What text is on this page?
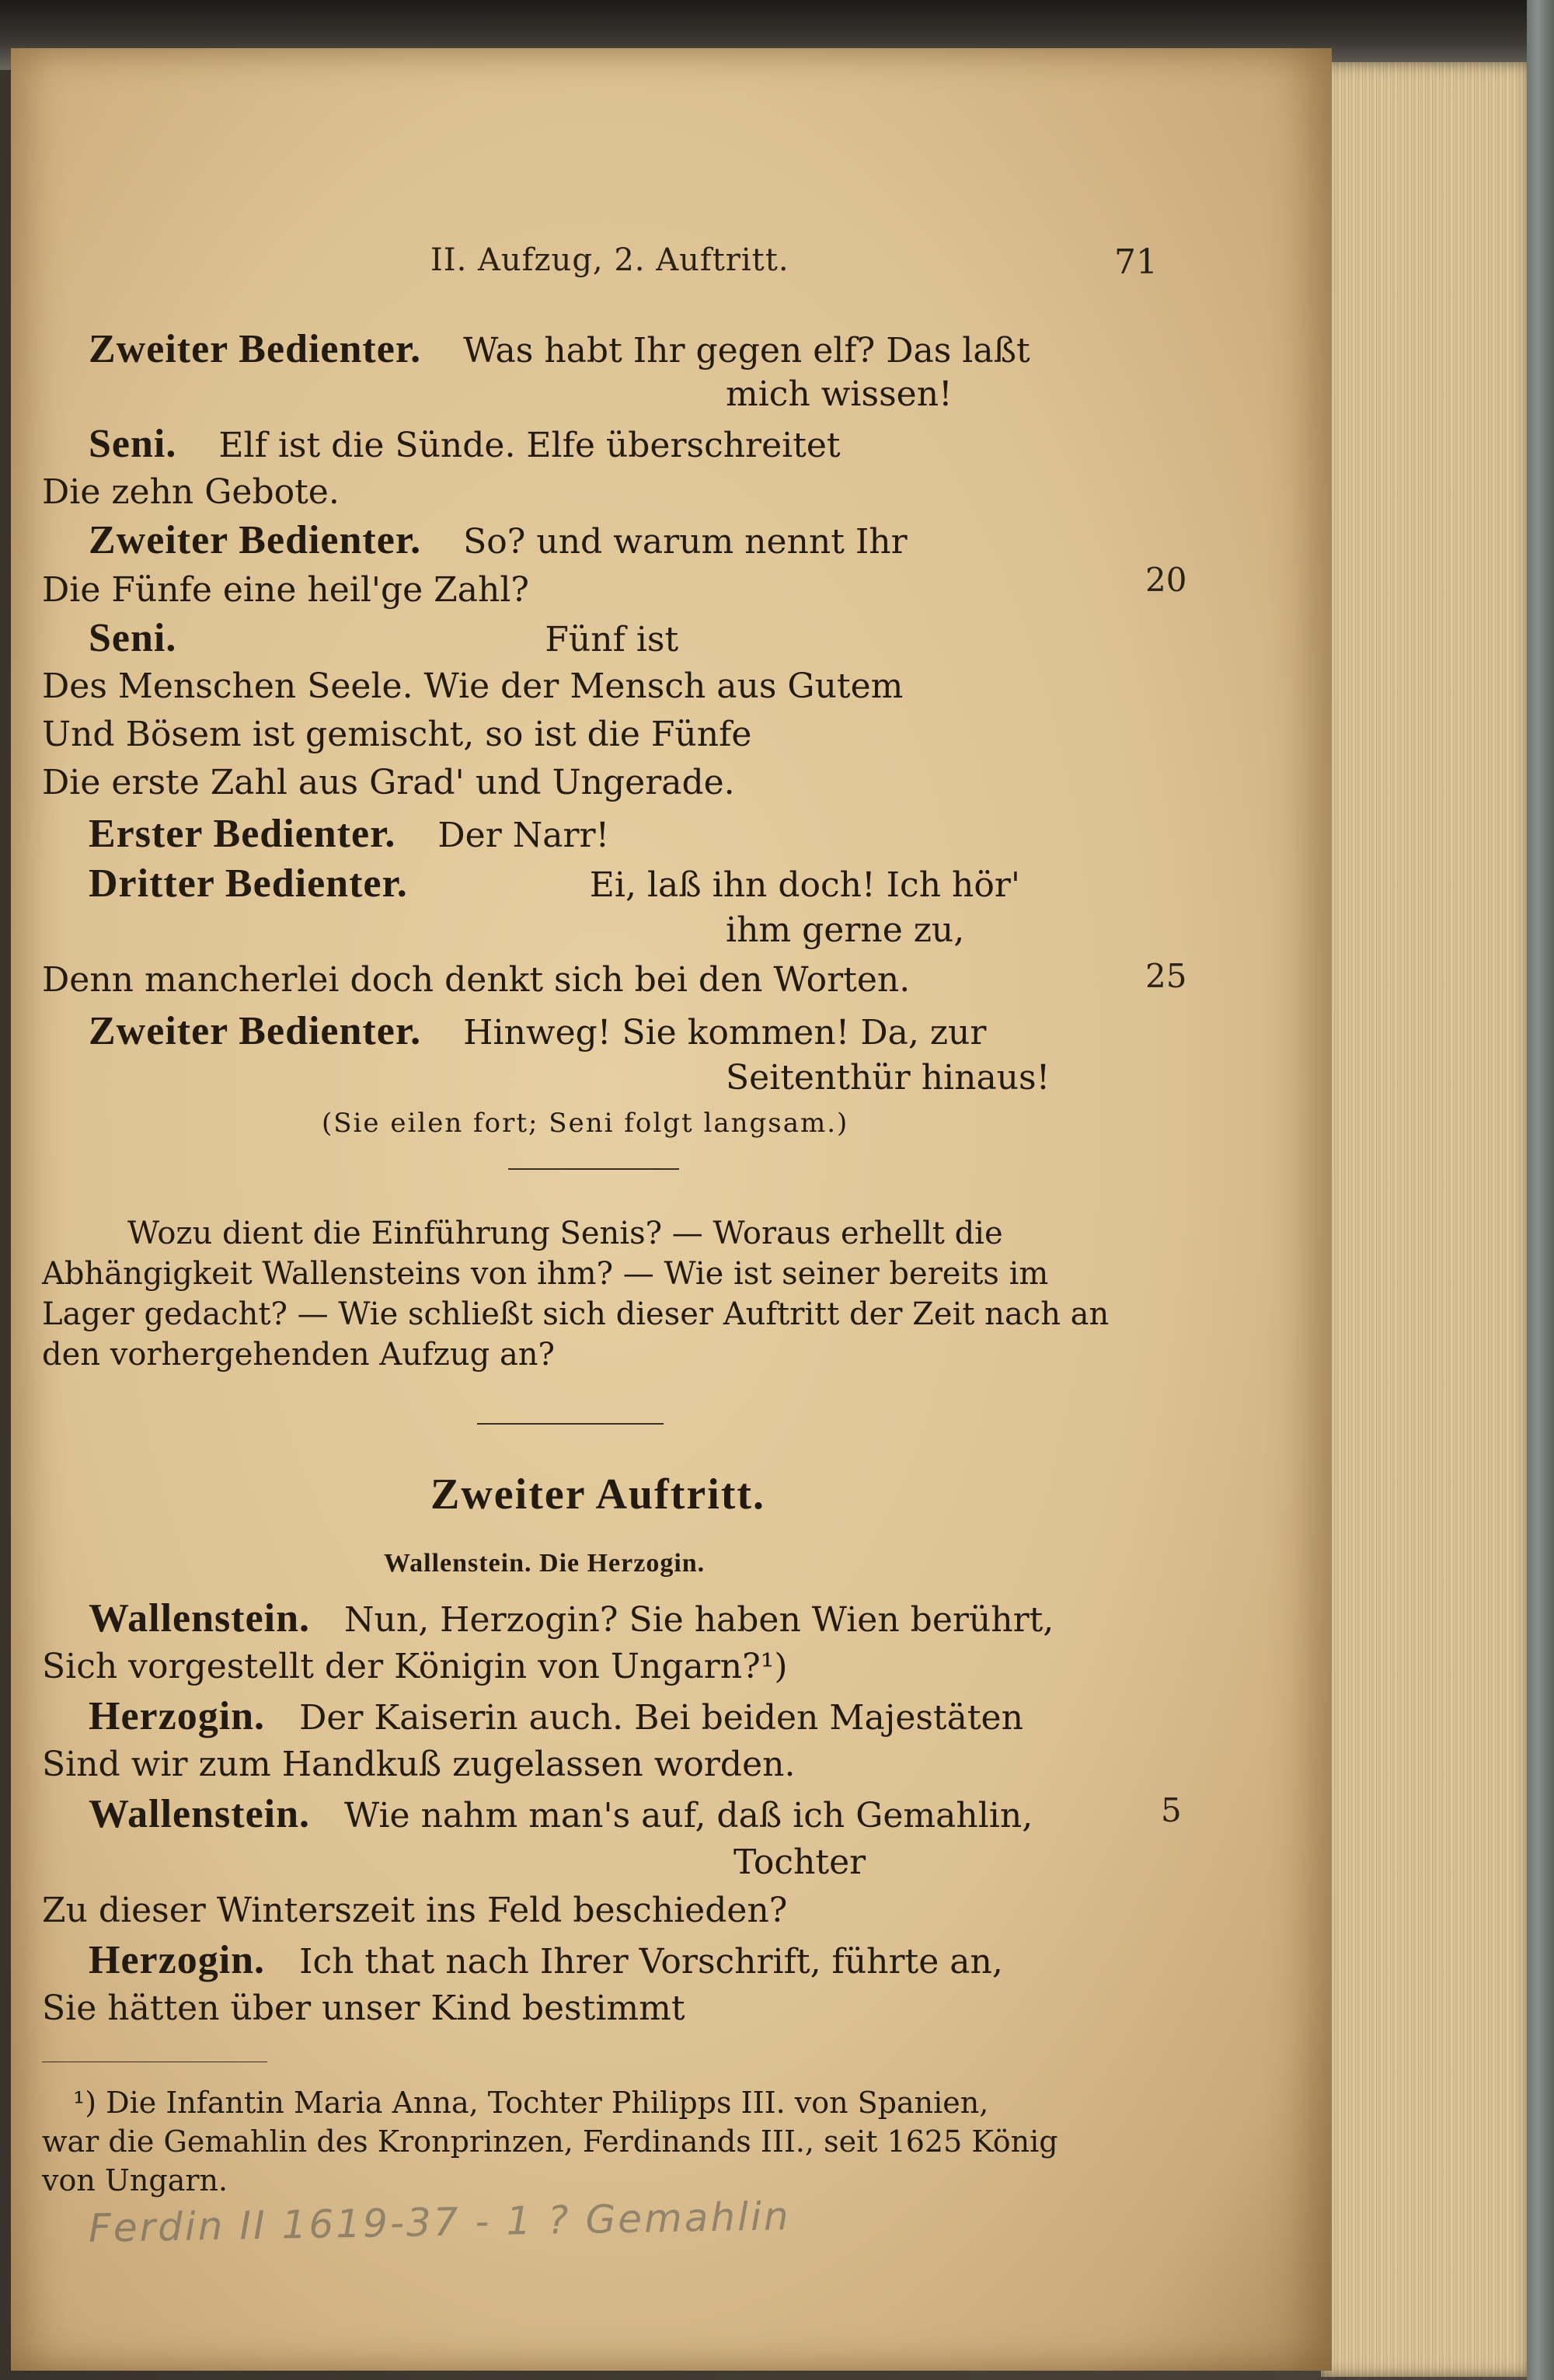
II. Aufzug, 2. Auftritt.	71
Zweiter Bedienter. Was habt Ihr gegen elf? Das laßt
mich wissen!
Seni. Elf ist die Sünde. Elfe überschreitet
Die zehn Gebote.
Zweiter Bedienter. So? und warum nennt Ihr
Die Fünfe eine heil'ge Zahl?
Seni.	Fünf ist
Des Menschen Seele. Wie der Mensch aus Gutem
Und Bösem ist gemischt, so ist die Fünfe
Die erste Zahl aus Grad' und Ungerade.
Erster Bedienter. Der Narr!
Dritter Bedienter.	Ei, laß ihn doch! Ich hör'
ihm gerne zu,
Denn mancherlei doch denkt sich bei den Worten.
Zweiter Bedienter. Hinweg! Sie kommen! Da, zur
Seitenthür hinaus!
20
25
(Sie eilen fort; Seni folgt langsam.)
Wozu dient die Einführung Senis? — Woraus erhellt die
Abhängigkeit Wallensteins von ihm? — Wie ist seiner bereits im
Lager gedacht? — Wie schließt sich dieser Auftritt der Zeit nach an
den vorhergehenden Aufzug an?
Zweiter Auftritt.
Wallenstein. Die Herzogin.
Wallenstein. Nun, Herzogin? Sie haben Wien berührt,
Sich vorgestellt der Königin von Ungarn?¹)
Herzogin. Der Kaiserin auch. Bei beiden Majestäten
Sind wir zum Handkuß zugelassen worden.
Wallenstein. Wie nahm man's auf, daß ich Gemahlin,
Tochter
Zu dieser Winterszeit ins Feld beschieden?
Herzogin. Ich that nach Ihrer Vorschrift, führte an,
Sie hätten über unser Kind bestimmt
5
¹) Die Infantin Maria Anna, Tochter Philipps III. von Spanien,
war die Gemahlin des Kronprinzen, Ferdinands III., seit 1625 König
von Ungarn.
Ferdin II 1619-37 - 1 ? Gemahlin
